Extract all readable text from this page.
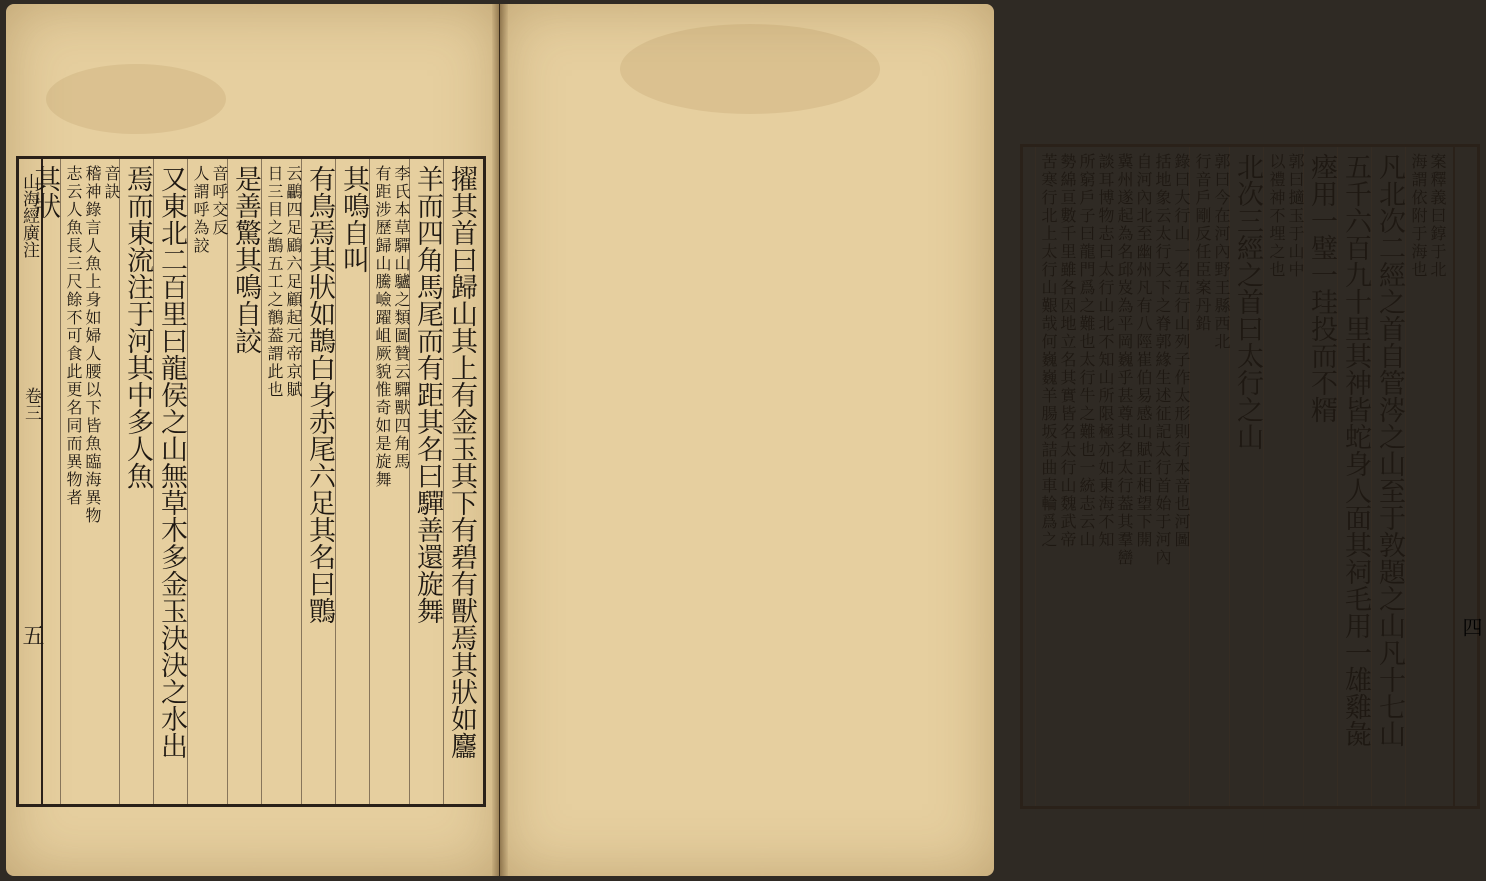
山海經廣注
卷三
五	擢其首曰歸山其上有金玉其下有碧有獸焉其狀如麢
羊而四角馬尾而有距其名曰驒善還旋舞
李氏本草驒山驢之類圖贊云驒獸四角馬
有距涉歷歸山騰嶮躍岨厥貌惟奇如是旋舞
其鳴自叫
有鳥焉其狀如鵲白身赤尾六足其名曰鷶
云鸓四足鶌六足顧起元帝京賦
日三目之鵲五工之鶺葢謂此也
是善驚其鳴自詨
音呼交反
人謂呼為詨
又東北二百里曰龍侯之山無草木多金玉決決之水出
焉而東流注于河其中多人魚
音訣
稽神錄言人魚上身如婦人腰以下皆魚臨海異物
志云人魚長三尺餘不可食此更名同而異物者
其狀	案釋義曰錞于北
海謂依附于海也
凡北次二經之首自管涔之山至于敦題之山凡十七山
五千六百九十里其神皆蛇身人面其祠毛用一雄雞彘
瘞用一璧一珪投而不糈
郭曰擿玉于山中
以禮神不埋之也
北次三經之首曰太行之山
郭曰今在河內野王縣西北
行音戶剛反任臣案丹鉛
錄曰大行山一名五行山列子作太形則行本音也河圖
括地象云太行天下之脊郭緣生述征記太行首始于河內
自河內北至幽州凡有八陘崔伯易感山賦正相望下開
冀州遂起為名邱岌為平岡巍乎甚尊其名太行葢其羣巒
談耳博物志曰太行山北不知山所限極亦如東海不知
所窮戶子曰龍門爲之難也太行牛之難也一統志云山
勢綿亘數千里雖各因地立名其實皆名太行山魏武帝
苦寒行北上太行山艱哉何巍巍羊腸坂詰曲車輪爲之
四
